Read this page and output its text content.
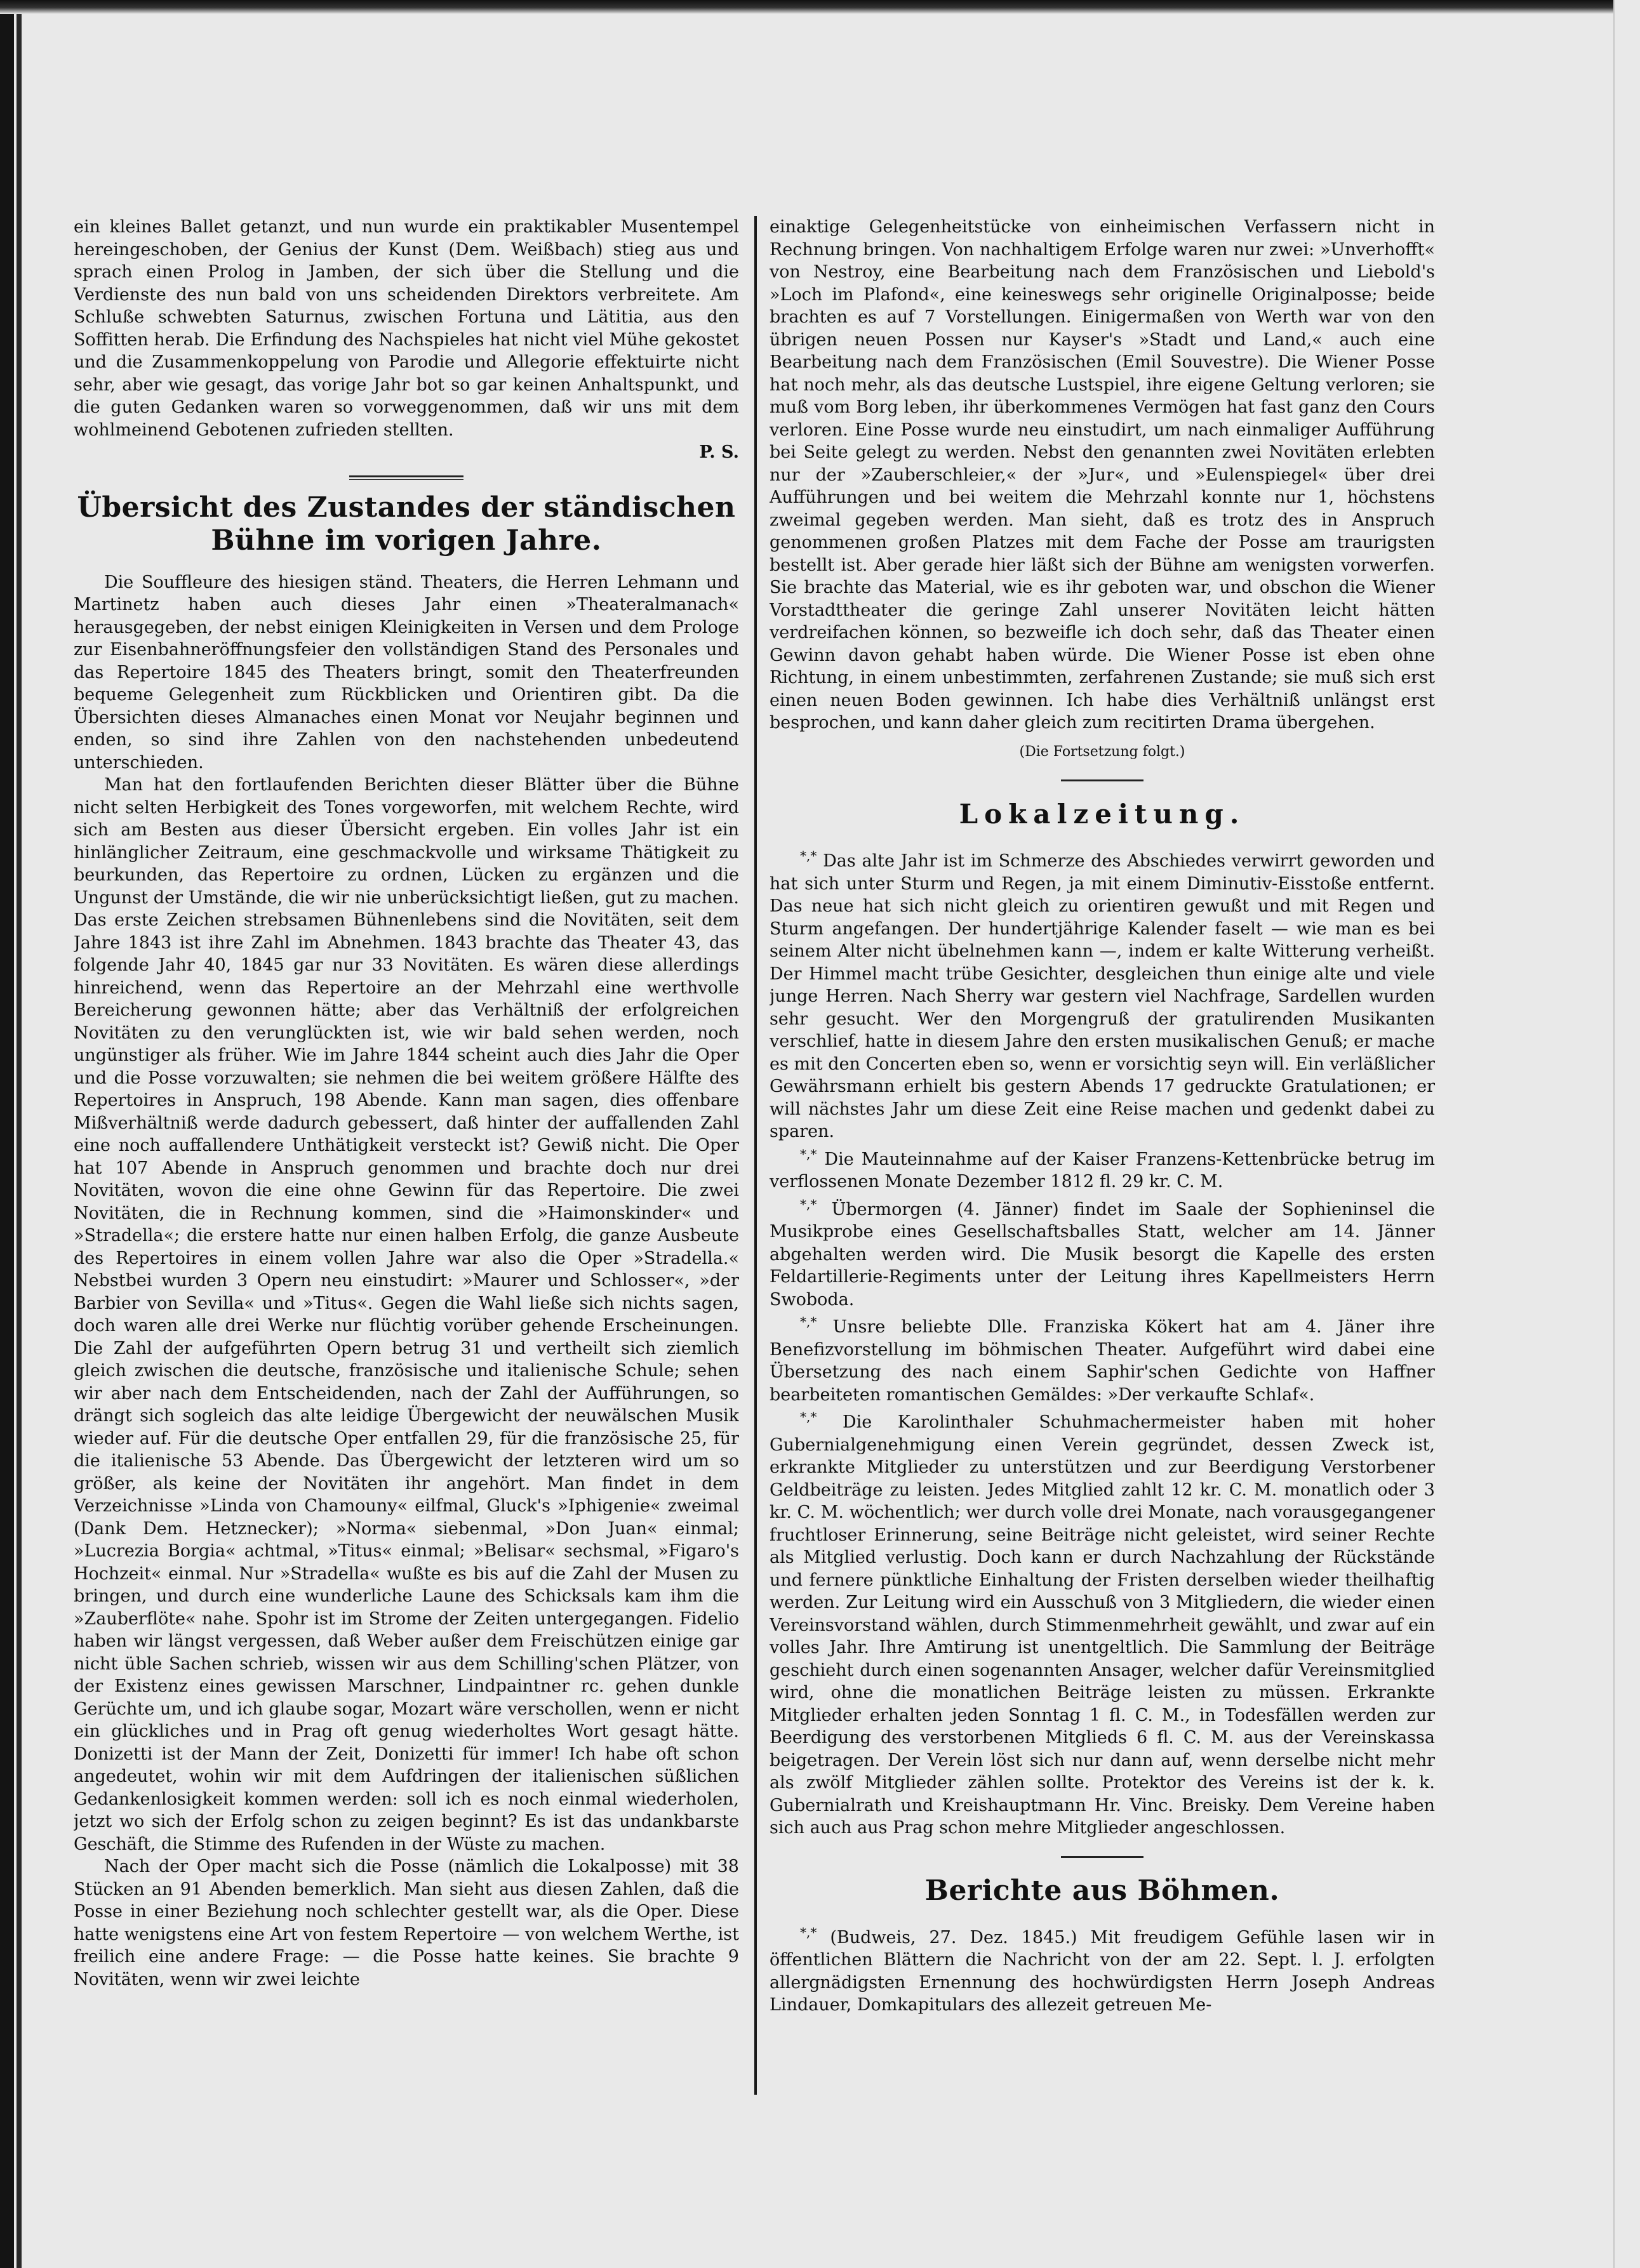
ein kleines Ballet getanzt, und nun wurde ein praktikabler Musentempel hereingeschoben, der Genius der Kunst (Dem. Weißbach) stieg aus und sprach einen Prolog in Jamben, der sich über die Stellung und die Verdienste des nun bald von uns scheidenden Direktors verbreitete. Am Schluße schwebten Saturnus, zwischen Fortuna und Lätitia, aus den Soffitten herab. Die Erfindung des Nachspieles hat nicht viel Mühe gekostet und die Zusammenkoppelung von Parodie und Allegorie effektuirte nicht sehr, aber wie gesagt, das vorige Jahr bot so gar keinen Anhaltspunkt, und die guten Gedanken waren so vorweggenommen, daß wir uns mit dem wohlmeinend Gebotenen zufrieden stellten.

P. S.

Übersicht des Zustandes der ständischen Bühne im vorigen Jahre.

Die Souffleure des hiesigen ständ. Theaters, die Herren Lehmann und Martinetz haben auch dieses Jahr einen »Theateralmanach« herausgegeben, der nebst einigen Kleinigkeiten in Versen und dem Prologe zur Eisenbahneröffnungsfeier den vollständigen Stand des Personales und das Repertoire 1845 des Theaters bringt, somit den Theaterfreunden bequeme Gelegenheit zum Rückblicken und Orientiren gibt. Da die Übersichten dieses Almanaches einen Monat vor Neujahr beginnen und enden, so sind ihre Zahlen von den nachstehenden unbedeutend unterschieden.

Man hat den fortlaufenden Berichten dieser Blätter über die Bühne nicht selten Herbigkeit des Tones vorgeworfen, mit welchem Rechte, wird sich am Besten aus dieser Übersicht ergeben. Ein volles Jahr ist ein hinlänglicher Zeitraum, eine geschmackvolle und wirksame Thätigkeit zu beurkunden, das Repertoire zu ordnen, Lücken zu ergänzen und die Ungunst der Umstände, die wir nie unberücksichtigt ließen, gut zu machen. Das erste Zeichen strebsamen Bühnenlebens sind die Novitäten, seit dem Jahre 1843 ist ihre Zahl im Abnehmen. 1843 brachte das Theater 43, das folgende Jahr 40, 1845 gar nur 33 Novitäten. Es wären diese allerdings hinreichend, wenn das Repertoire an der Mehrzahl eine werthvolle Bereicherung gewonnen hätte; aber das Verhältniß der erfolgreichen Novitäten zu den verunglückten ist, wie wir bald sehen werden, noch ungünstiger als früher. Wie im Jahre 1844 scheint auch dies Jahr die Oper und die Posse vorzuwalten; sie nehmen die bei weitem größere Hälfte des Repertoires in Anspruch, 198 Abende. Kann man sagen, dies offenbare Mißverhältniß werde dadurch gebessert, daß hinter der auffallenden Zahl eine noch auffallendere Unthätigkeit versteckt ist? Gewiß nicht. Die Oper hat 107 Abende in Anspruch genommen und brachte doch nur drei Novitäten, wovon die eine ohne Gewinn für das Repertoire. Die zwei Novitäten, die in Rechnung kommen, sind die »Haimonskinder« und »Stradella«; die erstere hatte nur einen halben Erfolg, die ganze Ausbeute des Repertoires in einem vollen Jahre war also die Oper »Stradella.« Nebstbei wurden 3 Opern neu einstudirt: »Maurer und Schlosser«, »der Barbier von Sevilla« und »Titus«. Gegen die Wahl ließe sich nichts sagen, doch waren alle drei Werke nur flüchtig vorüber gehende Erscheinungen. Die Zahl der aufgeführten Opern betrug 31 und vertheilt sich ziemlich gleich zwischen die deutsche, französische und italienische Schule; sehen wir aber nach dem Entscheidenden, nach der Zahl der Aufführungen, so drängt sich sogleich das alte leidige Übergewicht der neuwälschen Musik wieder auf. Für die deutsche Oper entfallen 29, für die französische 25, für die italienische 53 Abende. Das Übergewicht der letzteren wird um so größer, als keine der Novitäten ihr angehört. Man findet in dem Verzeichnisse »Linda von Chamouny« eilfmal, Gluck's »Iphigenie« zweimal (Dank Dem. Hetznecker); »Norma« siebenmal, »Don Juan« einmal; »Lucrezia Borgia« achtmal, »Titus« einmal; »Belisar« sechsmal, »Figaro's Hochzeit« einmal. Nur »Stradella« wußte es bis auf die Zahl der Musen zu bringen, und durch eine wunderliche Laune des Schicksals kam ihm die »Zauberflöte« nahe. Spohr ist im Strome der Zeiten untergegangen. Fidelio haben wir längst vergessen, daß Weber außer dem Freischützen einige gar nicht üble Sachen schrieb, wissen wir aus dem Schilling'schen Plätzer, von der Existenz eines gewissen Marschner, Lindpaintner rc. gehen dunkle Gerüchte um, und ich glaube sogar, Mozart wäre verschollen, wenn er nicht ein glückliches und in Prag oft genug wiederholtes Wort gesagt hätte. Donizetti ist der Mann der Zeit, Donizetti für immer! Ich habe oft schon angedeutet, wohin wir mit dem Aufdringen der italienischen süßlichen Gedankenlosigkeit kommen werden: soll ich es noch einmal wiederholen, jetzt wo sich der Erfolg schon zu zeigen beginnt? Es ist das undankbarste Geschäft, die Stimme des Rufenden in der Wüste zu machen.

Nach der Oper macht sich die Posse (nämlich die Lokalposse) mit 38 Stücken an 91 Abenden bemerklich. Man sieht aus diesen Zahlen, daß die Posse in einer Beziehung noch schlechter gestellt war, als die Oper. Diese hatte wenigstens eine Art von festem Repertoire — von welchem Werthe, ist freilich eine andere Frage: — die Posse hatte keines. Sie brachte 9 Novitäten, wenn wir zwei leichte

einaktige Gelegenheitstücke von einheimischen Verfassern nicht in Rechnung bringen. Von nachhaltigem Erfolge waren nur zwei: »Unverhofft« von Nestroy, eine Bearbeitung nach dem Französischen und Liebold's »Loch im Plafond«, eine keineswegs sehr originelle Originalposse; beide brachten es auf 7 Vorstellungen. Einigermaßen von Werth war von den übrigen neuen Possen nur Kayser's »Stadt und Land,« auch eine Bearbeitung nach dem Französischen (Emil Souvestre). Die Wiener Posse hat noch mehr, als das deutsche Lustspiel, ihre eigene Geltung verloren; sie muß vom Borg leben, ihr überkommenes Vermögen hat fast ganz den Cours verloren. Eine Posse wurde neu einstudirt, um nach einmaliger Aufführung bei Seite gelegt zu werden. Nebst den genannten zwei Novitäten erlebten nur der »Zauberschleier,« der »Jur«, und »Eulenspiegel« über drei Aufführungen und bei weitem die Mehrzahl konnte nur 1, höchstens zweimal gegeben werden. Man sieht, daß es trotz des in Anspruch genommenen großen Platzes mit dem Fache der Posse am traurigsten bestellt ist. Aber gerade hier läßt sich der Bühne am wenigsten vorwerfen. Sie brachte das Material, wie es ihr geboten war, und obschon die Wiener Vorstadttheater die geringe Zahl unserer Novitäten leicht hätten verdreifachen können, so bezweifle ich doch sehr, daß das Theater einen Gewinn davon gehabt haben würde. Die Wiener Posse ist eben ohne Richtung, in einem unbestimmten, zerfahrenen Zustande; sie muß sich erst einen neuen Boden gewinnen. Ich habe dies Verhältniß unlängst erst besprochen, und kann daher gleich zum recitirten Drama übergehen.

(Die Fortsetzung folgt.)

Lokalzeitung.

*,* Das alte Jahr ist im Schmerze des Abschiedes verwirrt geworden und hat sich unter Sturm und Regen, ja mit einem Diminutiv-Eisstoße entfernt. Das neue hat sich nicht gleich zu orientiren gewußt und mit Regen und Sturm angefangen. Der hundertjährige Kalender faselt — wie man es bei seinem Alter nicht übelnehmen kann —, indem er kalte Witterung verheißt. Der Himmel macht trübe Gesichter, desgleichen thun einige alte und viele junge Herren. Nach Sherry war gestern viel Nachfrage, Sardellen wurden sehr gesucht. Wer den Morgengruß der gratulirenden Musikanten verschlief, hatte in diesem Jahre den ersten musikalischen Genuß; er mache es mit den Concerten eben so, wenn er vorsichtig seyn will. Ein verläßlicher Gewährsmann erhielt bis gestern Abends 17 gedruckte Gratulationen; er will nächstes Jahr um diese Zeit eine Reise machen und gedenkt dabei zu sparen.

*,* Die Mauteinnahme auf der Kaiser Franzens-Kettenbrücke betrug im verflossenen Monate Dezember 1812 fl. 29 kr. C. M.

*,* Übermorgen (4. Jänner) findet im Saale der Sophieninsel die Musikprobe eines Gesellschaftsballes Statt, welcher am 14. Jänner abgehalten werden wird. Die Musik besorgt die Kapelle des ersten Feldartillerie-Regiments unter der Leitung ihres Kapellmeisters Herrn Swoboda.

*,* Unsre beliebte Dlle. Franziska Kökert hat am 4. Jäner ihre Benefizvorstellung im böhmischen Theater. Aufgeführt wird dabei eine Übersetzung des nach einem Saphir'schen Gedichte von Haffner bearbeiteten romantischen Gemäldes: »Der verkaufte Schlaf«.

*,* Die Karolinthaler Schuhmachermeister haben mit hoher Gubernialgenehmigung einen Verein gegründet, dessen Zweck ist, erkrankte Mitglieder zu unterstützen und zur Beerdigung Verstorbener Geldbeiträge zu leisten. Jedes Mitglied zahlt 12 kr. C. M. monatlich oder 3 kr. C. M. wöchentlich; wer durch volle drei Monate, nach vorausgegangener fruchtloser Erinnerung, seine Beiträge nicht geleistet, wird seiner Rechte als Mitglied verlustig. Doch kann er durch Nachzahlung der Rückstände und fernere pünktliche Einhaltung der Fristen derselben wieder theilhaftig werden. Zur Leitung wird ein Ausschuß von 3 Mitgliedern, die wieder einen Vereinsvorstand wählen, durch Stimmenmehrheit gewählt, und zwar auf ein volles Jahr. Ihre Amtirung ist unentgeltlich. Die Sammlung der Beiträge geschieht durch einen sogenannten Ansager, welcher dafür Vereinsmitglied wird, ohne die monatlichen Beiträge leisten zu müssen. Erkrankte Mitglieder erhalten jeden Sonntag 1 fl. C. M., in Todesfällen werden zur Beerdigung des verstorbenen Mitglieds 6 fl. C. M. aus der Vereinskassa beigetragen. Der Verein löst sich nur dann auf, wenn derselbe nicht mehr als zwölf Mitglieder zählen sollte. Protektor des Vereins ist der k. k. Gubernialrath und Kreishauptmann Hr. Vinc. Breisky. Dem Vereine haben sich auch aus Prag schon mehre Mitglieder angeschlossen.

Berichte aus Böhmen.

*,* (Budweis, 27. Dez. 1845.) Mit freudigem Gefühle lasen wir in öffentlichen Blättern die Nachricht von der am 22. Sept. l. J. erfolgten allergnädigsten Ernennung des hochwürdigsten Herrn Joseph Andreas Lindauer, Domkapitulars des allezeit getreuen Me-
